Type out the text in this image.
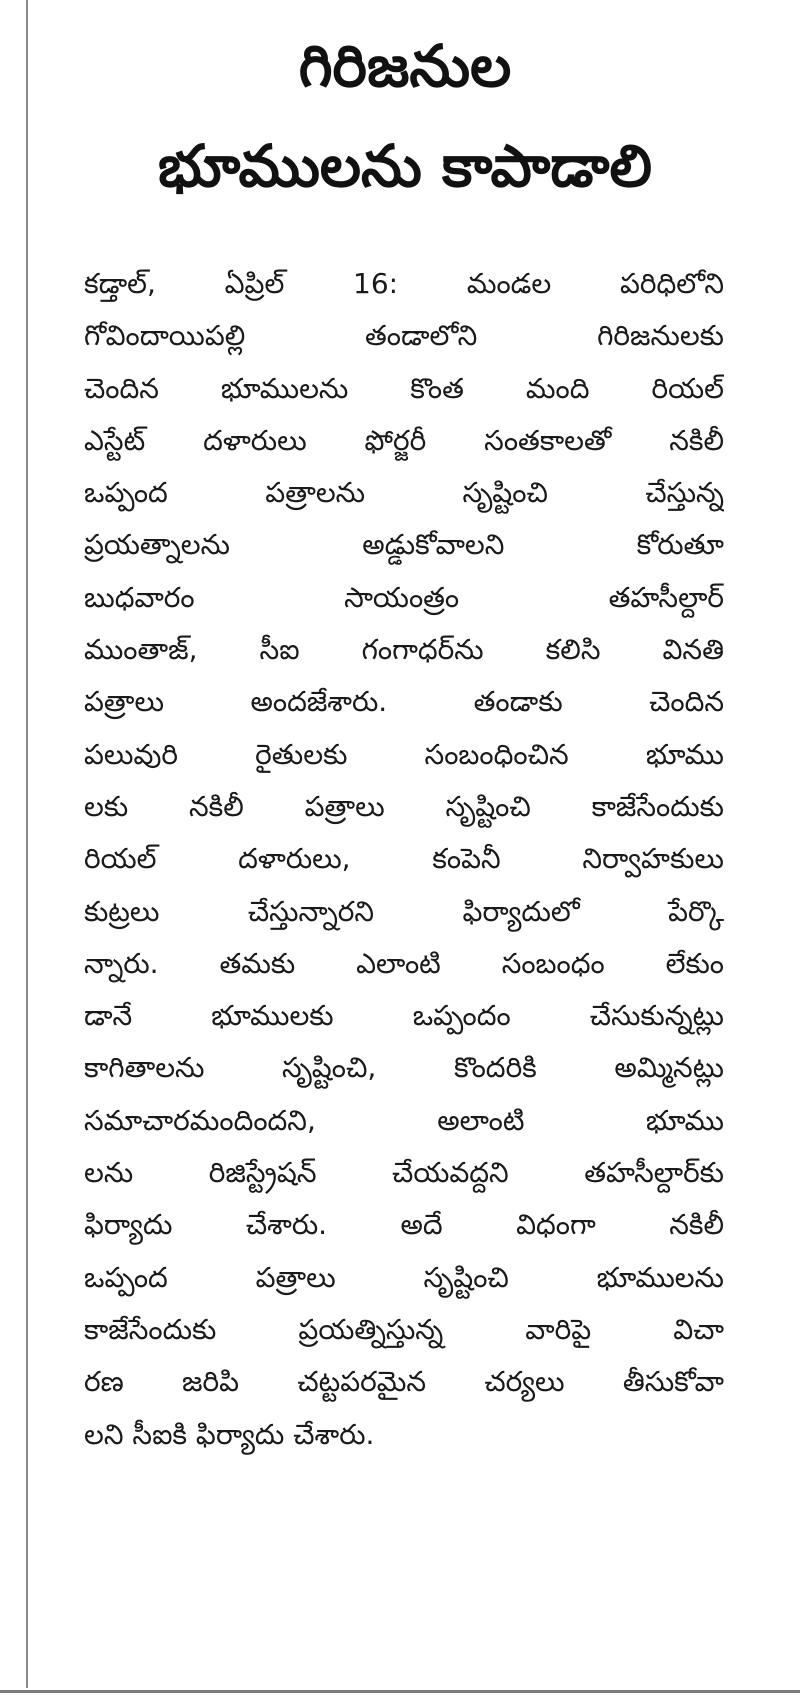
గిరిజనుల
భూములను కాపాడాలి
కడ్తాల్, ఏప్రిల్ 16: మండల పరిధిలోని
గోవిందాయిపల్లి తండాలోని గిరిజనులకు
చెందిన భూములను కొంత మంది రియల్
ఎస్టేట్ దళారులు ఫోర్జరీ సంతకాలతో నకిలీ
ఒప్పంద పత్రాలను సృష్టించి చేస్తున్న
ప్రయత్నాలను అడ్డుకోవాలని కోరుతూ
బుధవారం సాయంత్రం తహసీల్దార్
ముంతాజ్, సీఐ గంగాధర్‌ను కలిసి వినతి
పత్రాలు అందజేశారు. తండాకు చెందిన
పలువురి రైతులకు సంబంధించిన భూము
లకు నకిలీ పత్రాలు సృష్టించి కాజేసేందుకు
రియల్ దళారులు, కంపెనీ నిర్వాహకులు
కుట్రలు చేస్తున్నారని ఫిర్యాదులో పేర్కొ
న్నారు. తమకు ఎలాంటి సంబంధం లేకుం
డానే భూములకు ఒప్పందం చేసుకున్నట్లు
కాగితాలను సృష్టించి, కొందరికి అమ్మినట్లు
సమాచారమందిందని, అలాంటి భూము
లను రిజిస్ట్రేషన్ చేయవద్దని తహసీల్దార్‌కు
ఫిర్యాదు చేశారు. అదే విధంగా నకిలీ
ఒప్పంద పత్రాలు సృష్టించి భూములను
కాజేసేందుకు ప్రయత్నిస్తున్న వారిపై విచా
రణ జరిపి చట్టపరమైన చర్యలు తీసుకోవా
లని సీఐకి ఫిర్యాదు చేశారు.
